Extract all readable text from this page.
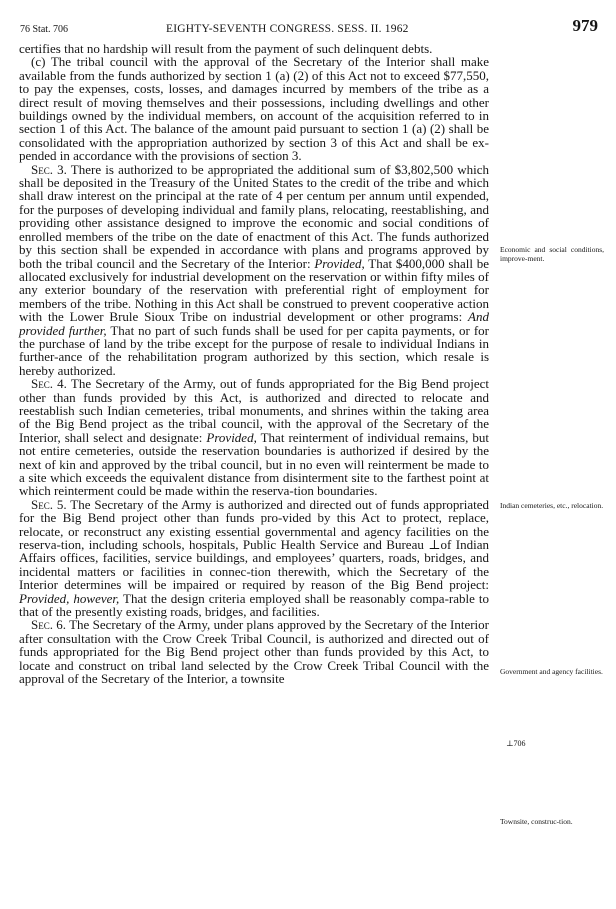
76 Stat. 706	EIGHTY-SEVENTH CONGRESS. SESS. II. 1962	979

certifies that no hardship will result from the payment of such delinquent debts.

(c) The tribal council with the approval of the Secretary of the Interior shall make available from the funds authorized by section 1 (a) (2) of this Act not to exceed $77,550, to pay the expenses, costs, losses, and damages incurred by members of the tribe as a direct result of moving themselves and their possessions, including dwellings and other buildings owned by the individual members, on account of the acquisition referred to in section 1 of this Act. The balance of the amount paid pursuant to section 1 (a) (2) shall be consolidated with the appropriation authorized by section 3 of this Act and shall be ex-pended in accordance with the provisions of section 3.

Sec. 3. There is authorized to be appropriated the additional sum of $3,802,500 which shall be deposited in the Treasury of the United States to the credit of the tribe and which shall draw interest on the principal at the rate of 4 per centum per annum until expended, for the purposes of developing individual and family plans, relocating, reestablishing, and providing other assistance designed to improve the economic and social conditions of enrolled members of the tribe on the date of enactment of this Act. The funds authorized by this section shall be expended in accordance with plans and programs approved by both the tribal council and the Secretary of the Interior: Provided, That $400,000 shall be allocated exclusively for industrial development on the reservation or within fifty miles of any exterior boundary of the reservation with preferential right of employment for members of the tribe. Nothing in this Act shall be construed to prevent cooperative action with the Lower Brule Sioux Tribe on industrial development or other programs: And provided further, That no part of such funds shall be used for per capita payments, or for the purchase of land by the tribe except for the purpose of resale to individual Indians in further-ance of the rehabilitation program authorized by this section, which resale is hereby authorized.

Sec. 4. The Secretary of the Army, out of funds appropriated for the Big Bend project other than funds provided by this Act, is authorized and directed to relocate and reestablish such Indian cemeteries, tribal monuments, and shrines within the taking area of the Big Bend project as the tribal council, with the approval of the Secretary of the Interior, shall select and designate: Provided, That reinterment of individual remains, but not entire cemeteries, outside the reservation boundaries is authorized if desired by the next of kin and approved by the tribal council, but in no even will reinterment be made to a site which exceeds the equivalent distance from disinterment site to the farthest point at which reinterment could be made within the reserva-tion boundaries.

Sec. 5. The Secretary of the Army is authorized and directed out of funds appropriated for the Big Bend project other than funds pro-vided by this Act to protect, replace, relocate, or reconstruct any existing essential governmental and agency facilities on the reserva-tion, including schools, hospitals, Public Health Service and Bureau ⊥of Indian Affairs offices, facilities, service buildings, and employees’ quarters, roads, bridges, and incidental matters or facilities in connec-tion therewith, which the Secretary of the Interior determines will be impaired or required by reason of the Big Bend project: Provided, however, That the design criteria employed shall be reasonably compa-rable to that of the presently existing roads, bridges, and facilities.

Sec. 6. The Secretary of the Army, under plans approved by the Secretary of the Interior after consultation with the Crow Creek Tribal Council, is authorized and directed out of funds appropriated for the Big Bend project other than funds provided by this Act, to locate and construct on tribal land selected by the Crow Creek Tribal Council with the approval of the Secretary of the Interior, a townsite

Economic and social conditions, improve-ment.
Indian cemeteries, etc., relocation.
Government and agency facilities.
⊥706
Townsite, construc-tion.
